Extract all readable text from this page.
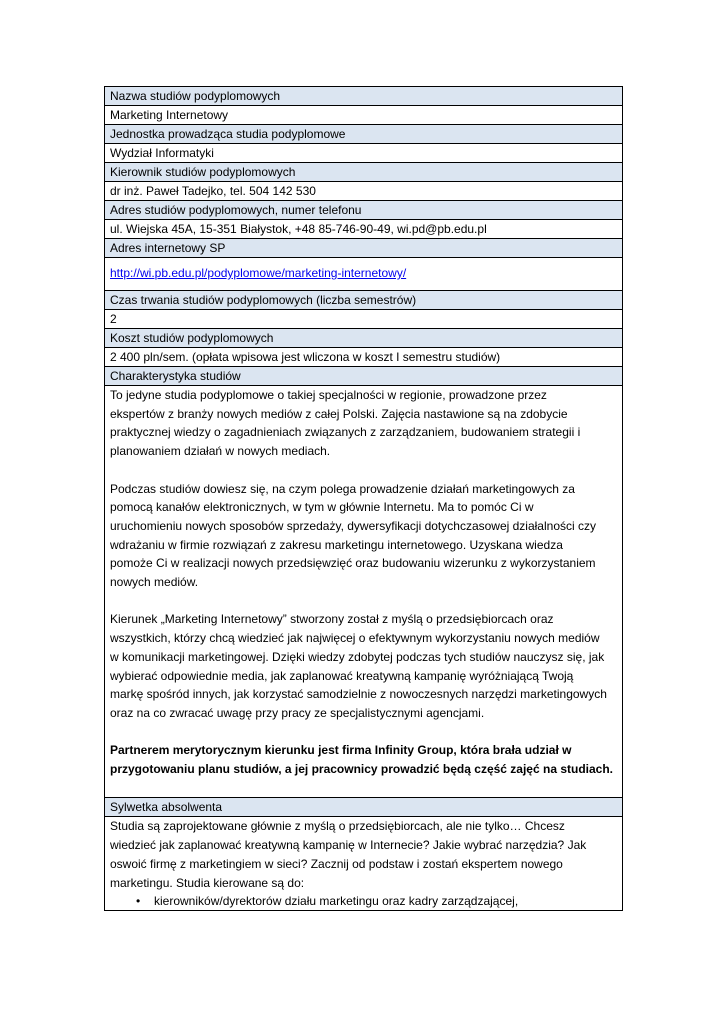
Nazwa studiów podyplomowych
Marketing Internetowy
Jednostka prowadząca studia podyplomowe
Wydział Informatyki
Kierownik studiów podyplomowych
dr inż. Paweł Tadejko, tel. 504 142 530
Adres studiów podyplomowych, numer telefonu
ul. Wiejska 45A, 15-351 Białystok, +48 85-746-90-49, wi.pd@pb.edu.pl
Adres internetowy SP
http://wi.pb.edu.pl/podyplomowe/marketing-internetowy/
Czas trwania studiów podyplomowych (liczba semestrów)
2
Koszt studiów podyplomowych
2 400 pln/sem. (opłata wpisowa jest wliczona w koszt I semestru studiów)
Charakterystyka studiów

To jedyne studia podyplomowe o takiej specjalności w regionie, prowadzone przez
ekspertów z branży nowych mediów z całej Polski. Zajęcia nastawione są na zdobycie
praktycznej wiedzy o zagadnieniach związanych z zarządzaniem, budowaniem strategii i
planowaniem działań w nowych mediach.

Podczas studiów dowiesz się, na czym polega prowadzenie działań marketingowych za
pomocą kanałów elektronicznych, w tym w głównie Internetu. Ma to pomóc Ci w
uruchomieniu nowych sposobów sprzedaży, dywersyfikacji dotychczasowej działalności czy
wdrażaniu w firmie rozwiązań z zakresu marketingu internetowego. Uzyskana wiedza
pomoże Ci w realizacji nowych przedsięwzięć oraz budowaniu wizerunku z wykorzystaniem
nowych mediów.

Kierunek „Marketing Internetowy” stworzony został z myślą o przedsiębiorcach oraz
wszystkich, którzy chcą wiedzieć jak najwięcej o efektywnym wykorzystaniu nowych mediów
w komunikacji marketingowej. Dzięki wiedzy zdobytej podczas tych studiów nauczysz się, jak
wybierać odpowiednie media, jak zaplanować kreatywną kampanię wyróżniającą Twoją
markę spośród innych, jak korzystać samodzielnie z nowoczesnych narzędzi marketingowych
oraz na co zwracać uwagę przy pracy ze specjalistycznymi agencjami.

Partnerem merytorycznym kierunku jest firma Infinity Group, która brała udział w
przygotowaniu planu studiów, a jej pracownicy prowadzić będą część zajęć na studiach.

Sylwetka absolwenta

Studia są zaprojektowane głównie z myślą o przedsiębiorcach, ale nie tylko… Chcesz
wiedzieć jak zaplanować kreatywną kampanię w Internecie? Jakie wybrać narzędzia? Jak
oswoić firmę z marketingiem w sieci? Zacznij od podstaw i zostań ekspertem nowego
marketingu. Studia kierowane są do:

• kierowników/dyrektorów działu marketingu oraz kadry zarządzającej,
